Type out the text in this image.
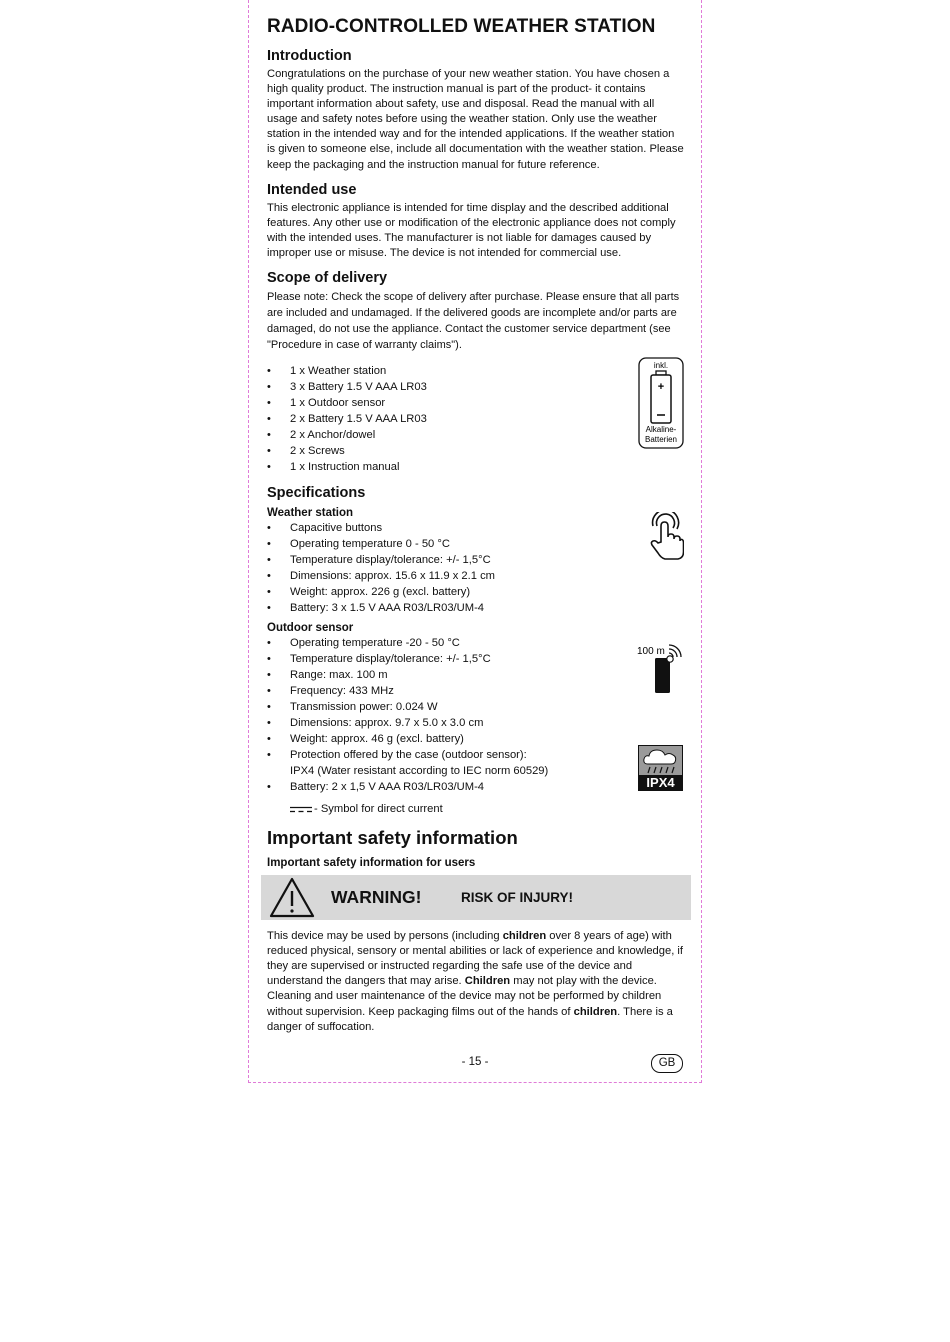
RADIO-CONTROLLED WEATHER STATION
Introduction

Congratulations on the purchase of your new weather station. You have chosen a high quality product. The instruction manual is part of the product- it contains important information about safety, use and disposal. Read the manual with all usage and safety notes before using the weather station. Only use the weather station in the intended way and for the intended applications. If the weather station is given to someone else, include all documentation with the weather station. Please keep the packaging and the instruction manual for future reference.

Intended use

This electronic appliance is intended for time display and the described additional features. Any other use or modification of the electronic appliance does not comply with the intended uses. The manufacturer is not liable for damages caused by improper use or misuse. The device is not intended for commercial use.

Scope of delivery

Please note: Check the scope of delivery after purchase. Please ensure that all parts are included and undamaged. If the delivered goods are incomplete and/or parts are damaged, do not use the appliance. Contact the customer service department (see "Procedure in case of warranty claims").

• 1 x Weather station
• 3 x Battery 1.5 V AAA LR03
• 1 x Outdoor sensor
• 2 x Battery 1.5 V AAA LR03
• 2 x Anchor/dowel
• 2 x Screws
• 1 x Instruction manual
inkl.
+
Alkaline-
Batterien
Specifications
Weather station
• Capacitive buttons
• Operating temperature 0 - 50 °C
• Temperature display/tolerance: +/- 1,5°C
• Dimensions: approx. 15.6 x 11.9 x 2.1 cm
• Weight: approx. 226 g (excl. battery)
• Battery: 3 x 1.5 V AAA R03/LR03/UM-4
Outdoor sensor
• Operating temperature -20 - 50 °C
• Temperature display/tolerance: +/- 1,5°C
• Range: max. 100 m
• Frequency: 433 MHz
• Transmission power: 0.024 W
• Dimensions: approx. 9.7 x 5.0 x 3.0 cm
• Weight: approx. 46 g (excl. battery)
• Protection offered by the case (outdoor sensor):
IPX4 (Water resistant according to IEC norm 60529)
• Battery: 2 x 1,5 V AAA R03/LR03/UM-4
100 m
IPX4
- Symbol for direct current
Important safety information
Important safety information for users
WARNING!	RISK OF INJURY!

This device may be used by persons (including children over 8 years of age) with reduced physical, sensory or mental abilities or lack of experience and knowledge, if they are supervised or instructed regarding the safe use of the device and understand the dangers that may arise. Children may not play with the device. Cleaning and user maintenance of the device may not be performed by children without supervision. Keep packaging films out of the hands of children. There is a danger of suffocation.

- 15 -	GB
